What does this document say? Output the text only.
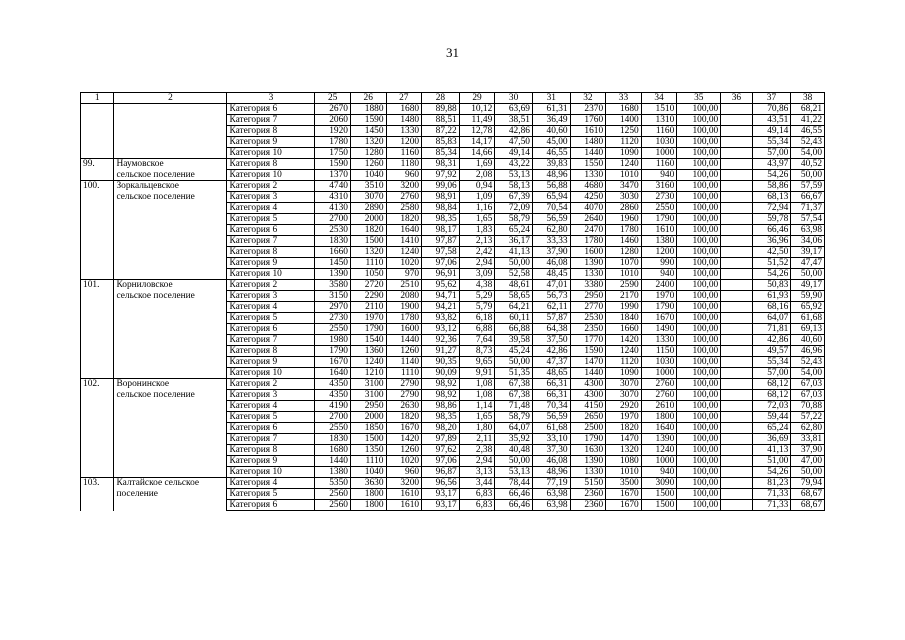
31
1	2	3	25	26	27	28	29	30	31	32	33	34	35	36	37	38
		Категория 6	2670	1880	1680	89,88	10,12	63,69	61,31	2370	1680	1510	100,00		70,86	68,21
		Категория 7	2060	1590	1480	88,51	11,49	38,51	36,49	1760	1400	1310	100,00		43,51	41,22
		Категория 8	1920	1450	1330	87,22	12,78	42,86	40,60	1610	1250	1160	100,00		49,14	46,55
		Категория 9	1780	1320	1200	85,83	14,17	47,50	45,00	1480	1120	1030	100,00		55,34	52,43
		Категория 10	1750	1280	1160	85,34	14,66	49,14	46,55	1440	1090	1000	100,00		57,00	54,00
99.	Наумовское	Категория 8	1590	1260	1180	98,31	1,69	43,22	39,83	1550	1240	1160	100,00		43,97	40,52
	сельское поселение	Категория 10	1370	1040	960	97,92	2,08	53,13	48,96	1330	1010	940	100,00		54,26	50,00
100.	Зоркальцевское	Категория 2	4740	3510	3200	99,06	0,94	58,13	56,88	4680	3470	3160	100,00		58,86	57,59
	сельское поселение	Категория 3	4310	3070	2760	98,91	1,09	67,39	65,94	4250	3030	2730	100,00		68,13	66,67
		Категория 4	4130	2890	2580	98,84	1,16	72,09	70,54	4070	2860	2550	100,00		72,94	71,37
		Категория 5	2700	2000	1820	98,35	1,65	58,79	56,59	2640	1960	1790	100,00		59,78	57,54
		Категория 6	2530	1820	1640	98,17	1,83	65,24	62,80	2470	1780	1610	100,00		66,46	63,98
		Категория 7	1830	1500	1410	97,87	2,13	36,17	33,33	1780	1460	1380	100,00		36,96	34,06
		Категория 8	1660	1320	1240	97,58	2,42	41,13	37,90	1600	1280	1200	100,00		42,50	39,17
		Категория 9	1450	1110	1020	97,06	2,94	50,00	46,08	1390	1070	990	100,00		51,52	47,47
		Категория 10	1390	1050	970	96,91	3,09	52,58	48,45	1330	1010	940	100,00		54,26	50,00
101.	Корниловское	Категория 2	3580	2720	2510	95,62	4,38	48,61	47,01	3380	2590	2400	100,00		50,83	49,17
	сельское поселение	Категория 3	3150	2290	2080	94,71	5,29	58,65	56,73	2950	2170	1970	100,00		61,93	59,90
		Категория 4	2970	2110	1900	94,21	5,79	64,21	62,11	2770	1990	1790	100,00		68,16	65,92
		Категория 5	2730	1970	1780	93,82	6,18	60,11	57,87	2530	1840	1670	100,00		64,07	61,68
		Категория 6	2550	1790	1600	93,12	6,88	66,88	64,38	2350	1660	1490	100,00		71,81	69,13
		Категория 7	1980	1540	1440	92,36	7,64	39,58	37,50	1770	1420	1330	100,00		42,86	40,60
		Категория 8	1790	1360	1260	91,27	8,73	45,24	42,86	1590	1240	1150	100,00		49,57	46,96
		Категория 9	1670	1240	1140	90,35	9,65	50,00	47,37	1470	1120	1030	100,00		55,34	52,43
		Категория 10	1640	1210	1110	90,09	9,91	51,35	48,65	1440	1090	1000	100,00		57,00	54,00
102.	Воронинское	Категория 2	4350	3100	2790	98,92	1,08	67,38	66,31	4300	3070	2760	100,00		68,12	67,03
	сельское поселение	Категория 3	4350	3100	2790	98,92	1,08	67,38	66,31	4300	3070	2760	100,00		68,12	67,03
		Категория 4	4190	2950	2630	98,86	1,14	71,48	70,34	4150	2920	2610	100,00		72,03	70,88
		Категория 5	2700	2000	1820	98,35	1,65	58,79	56,59	2650	1970	1800	100,00		59,44	57,22
		Категория 6	2550	1850	1670	98,20	1,80	64,07	61,68	2500	1820	1640	100,00		65,24	62,80
		Категория 7	1830	1500	1420	97,89	2,11	35,92	33,10	1790	1470	1390	100,00		36,69	33,81
		Категория 8	1680	1350	1260	97,62	2,38	40,48	37,30	1630	1320	1240	100,00		41,13	37,90
		Категория 9	1440	1110	1020	97,06	2,94	50,00	46,08	1390	1080	1000	100,00		51,00	47,00
		Категория 10	1380	1040	960	96,87	3,13	53,13	48,96	1330	1010	940	100,00		54,26	50,00
103.	Калтайское сельское	Категория 4	5350	3630	3200	96,56	3,44	78,44	77,19	5150	3500	3090	100,00		81,23	79,94
	поселение	Категория 5	2560	1800	1610	93,17	6,83	66,46	63,98	2360	1670	1500	100,00		71,33	68,67
		Категория 6	2560	1800	1610	93,17	6,83	66,46	63,98	2360	1670	1500	100,00		71,33	68,67
